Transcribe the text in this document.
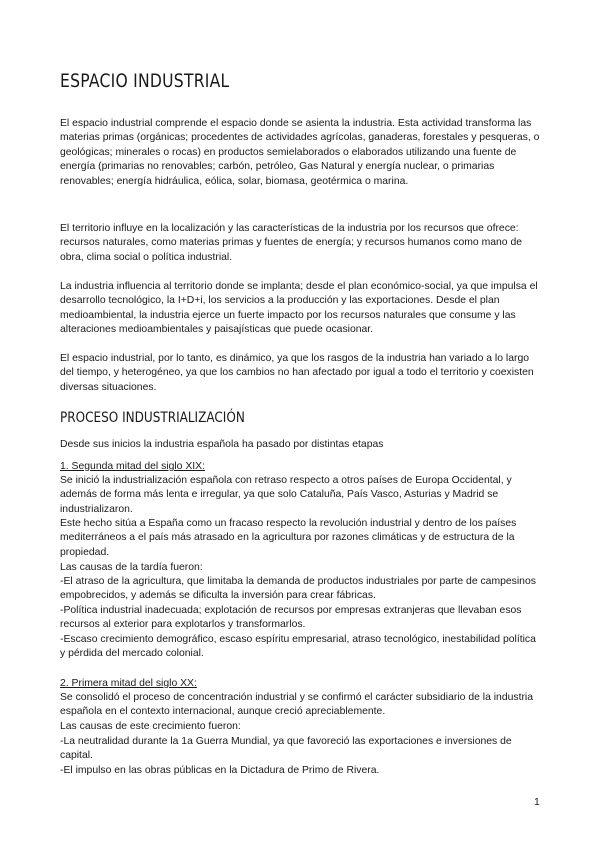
ESPACIO INDUSTRIAL

El espacio industrial comprende el espacio donde se asienta la industria. Esta actividad transforma las materias primas (orgánicas; procedentes de actividades agrícolas, ganaderas, forestales y pesqueras, o geológicas; minerales o rocas) en productos semielaborados o elaborados utilizando una fuente de energía (primarias no renovables; carbón, petróleo, Gas Natural y energía nuclear, o primarias renovables; energía hidráulica, eólica, solar, biomasa, geotérmica o marina.

El territorio influye en la localización y las características de la industria por los recursos que ofrece: recursos naturales, como materias primas y fuentes de energía; y recursos humanos como mano de obra, clima social o política industrial.

La industria influencia al territorio donde se implanta; desde el plan económico-social, ya que impulsa el desarrollo tecnológico, la I+D+i, los servicios a la producción y las exportaciones. Desde el plan medioambiental, la industria ejerce un fuerte impacto por los recursos naturales que consume y las alteraciones medioambientales y paisajísticas que puede ocasionar.

El espacio industrial, por lo tanto, es dinámico, ya que los rasgos de la industria han variado a lo largo del tiempo, y heterogéneo, ya que los cambios no han afectado por igual a todo el territorio y coexisten diversas situaciones.

PROCESO INDUSTRIALIZACIÓN

Desde sus inicios la industria española ha pasado por distintas etapas

1. Segunda mitad del siglo XIX:

Se inició la industrialización española con retraso respecto a otros países de Europa Occidental, y además de forma más lenta e irregular, ya que solo Cataluña, País Vasco, Asturias y Madrid se industrializaron.

Este hecho sitúa a España como un fracaso respecto la revolución industrial y dentro de los países mediterráneos a el país más atrasado en la agricultura por razones climáticas y de estructura de la propiedad.

Las causas de la tardía fueron:

-El atraso de la agricultura, que limitaba la demanda de productos industriales por parte de campesinos empobrecidos, y además se dificulta la inversión para crear fábricas.

-Política industrial inadecuada; explotación de recursos por empresas extranjeras que llevaban esos recursos al exterior para explotarlos y transformarlos.

-Escaso crecimiento demográfico, escaso espíritu empresarial, atraso tecnológico, inestabilidad política y pérdida del mercado colonial.

2. Primera mitad del siglo XX:

Se consolidó el proceso de concentración industrial y se confirmó el carácter subsidiario de la industria española en el contexto internacional, aunque creció apreciablemente.

Las causas de este crecimiento fueron:

-La neutralidad durante la 1a Guerra Mundial, ya que favoreció las exportaciones e inversiones de capital.

-El impulso en las obras públicas en la Dictadura de Primo de Rivera.

1
